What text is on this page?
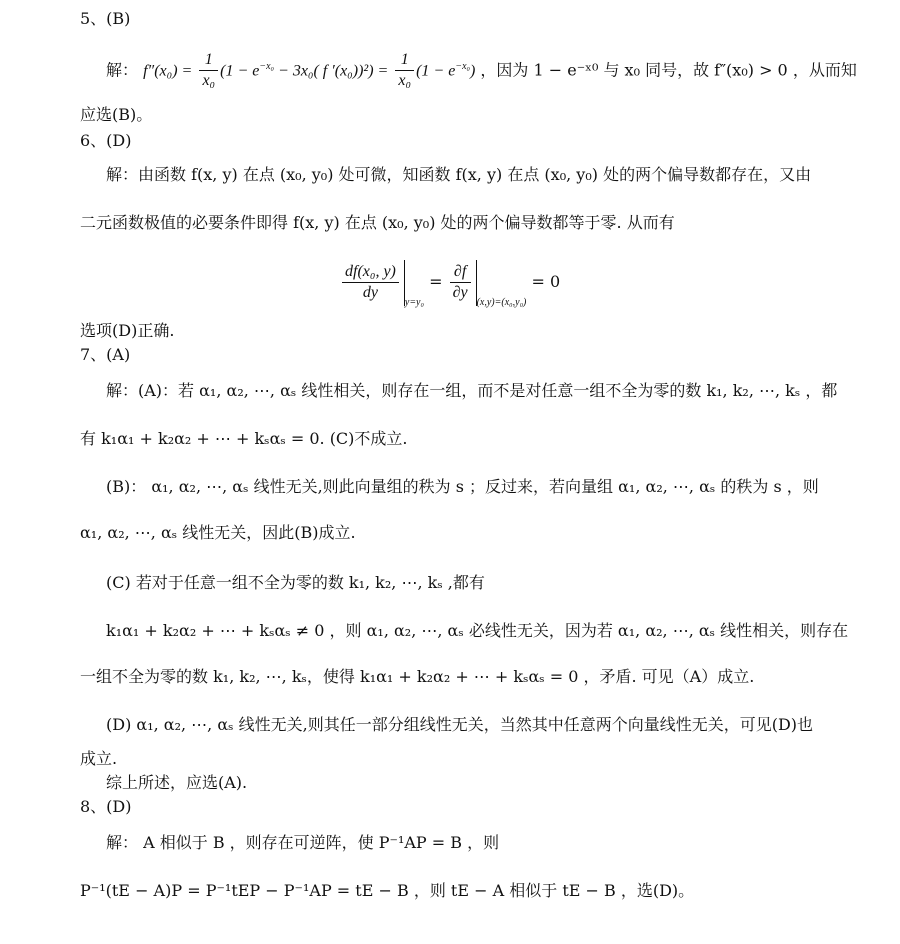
5、(B)
解： $f''(x_0) = \frac{1}{\text{x₀}} (1 - e^{-x_0} - 3x_0$( f $'(x_0))^2) = \frac{1}{\text{x₀}} (1 - e^{-x_0})$ ，因为 1 − e⁻ˣ⁰ 与 x₀ 同号，故 f″(x₀) > 0 ，从而知
应选(B)。
6、(D)
解：由函数 f(x, y) 在点 (x₀, y₀) 处可微，知函数 f(x, y) 在点 (x₀, y₀) 处的两个偏导数都存在，又由
二元函数极值的必要条件即得 f(x, y) 在点 (x₀, y₀) 处的两个偏导数都等于零. 从而有
$\frac{\text{df(x₀, y)}}{dy} y=y_0 = \frac{\partial f}{\partial y} (x,y)=(x_0,y_0) = 0$
选项(D)正确.
7、(A)
解：(A)：若 α₁, α₂, ⋯, αₛ 线性相关，则存在一组，而不是对任意一组不全为零的数 k₁, k₂, ⋯, kₛ ，都
有 k₁α₁ + k₂α₂ + ⋯ + kₛαₛ = 0. (C)不成立.
(B)： α₁, α₂, ⋯, αₛ 线性无关,则此向量组的秩为 s ；反过来，若向量组 α₁, α₂, ⋯, αₛ 的秩为 s ，则
α₁, α₂, ⋯, αₛ 线性无关，因此(B)成立.
(C) 若对于任意一组不全为零的数 k₁, k₂, ⋯, kₛ ,都有
k₁α₁ + k₂α₂ + ⋯ + kₛαₛ ≠ 0 ，则 α₁, α₂, ⋯, αₛ 必线性无关，因为若 α₁, α₂, ⋯, αₛ 线性相关，则存在
一组不全为零的数 k₁, k₂, ⋯, kₛ，使得 k₁α₁ + k₂α₂ + ⋯ + kₛαₛ = 0 ，矛盾. 可见（A）成立.
(D) α₁, α₂, ⋯, αₛ 线性无关,则其任一部分组线性无关，当然其中任意两个向量线性无关，可见(D)也
成立.
综上所述，应选(A).
8、(D)
解： A 相似于 B ，则存在可逆阵，使 P⁻¹AP = B ，则
P⁻¹(tE − A)P = P⁻¹tEP − P⁻¹AP = tE − B ，则 tE − A 相似于 tE − B ，选(D)。
